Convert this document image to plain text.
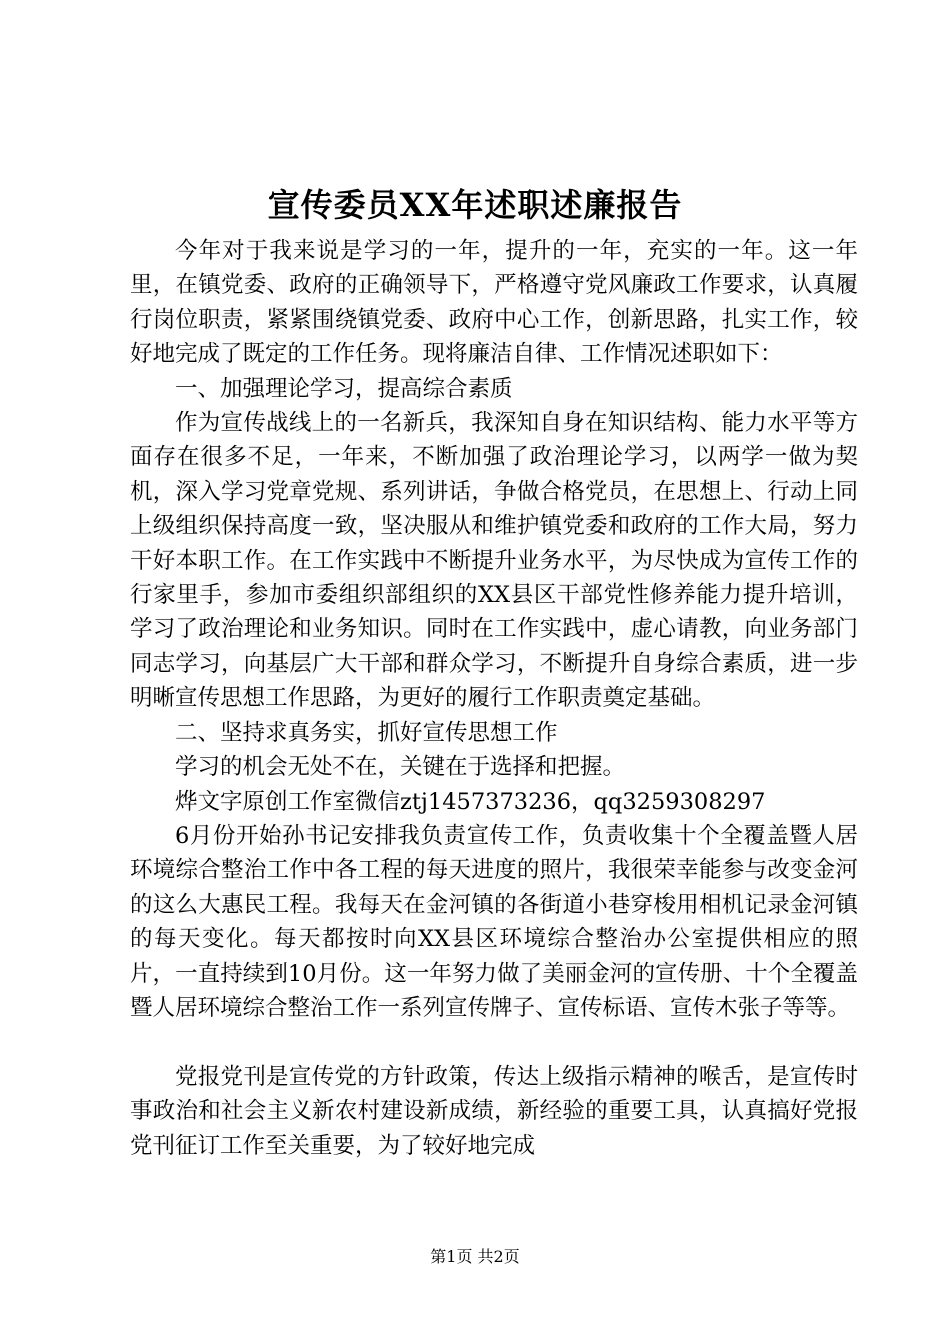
宣传委员XX年述职述廉报告

今年对于我来说是学习的一年，提升的一年，充实的一年。这一年里，在镇党委、政府的正确领导下，严格遵守党风廉政工作要求，认真履行岗位职责，紧紧围绕镇党委、政府中心工作，创新思路，扎实工作，较好地完成了既定的工作任务。现将廉洁自律、工作情况述职如下：

一、加强理论学习，提高综合素质

作为宣传战线上的一名新兵，我深知自身在知识结构、能力水平等方面存在很多不足，一年来，不断加强了政治理论学习，以两学一做为契机，深入学习党章党规、系列讲话，争做合格党员，在思想上、行动上同上级组织保持高度一致，坚决服从和维护镇党委和政府的工作大局，努力干好本职工作。在工作实践中不断提升业务水平，为尽快成为宣传工作的行家里手，参加市委组织部组织的XX县区干部党性修养能力提升培训，学习了政治理论和业务知识。同时在工作实践中，虚心请教，向业务部门同志学习，向基层广大干部和群众学习，不断提升自身综合素质，进一步明晰宣传思想工作思路，为更好的履行工作职责奠定基础。

二、坚持求真务实，抓好宣传思想工作

学习的机会无处不在，关键在于选择和把握。

烨文字原创工作室微信ztj1457373236，qq3259308297

6月份开始孙书记安排我负责宣传工作，负责收集十个全覆盖暨人居环境综合整治工作中各工程的每天进度的照片，我很荣幸能参与改变金河的这么大惠民工程。我每天在金河镇的各街道小巷穿梭用相机记录金河镇的每天变化。每天都按时向XX县区环境综合整治办公室提供相应的照片，一直持续到10月份。这一年努力做了美丽金河的宣传册、十个全覆盖暨人居环境综合整治工作一系列宣传牌子、宣传标语、宣传木张子等等。

党报党刊是宣传党的方针政策，传达上级指示精神的喉舌，是宣传时事政治和社会主义新农村建设新成绩，新经验的重要工具，认真搞好党报党刊征订工作至关重要，为了较好地完成

第1页 共2页
